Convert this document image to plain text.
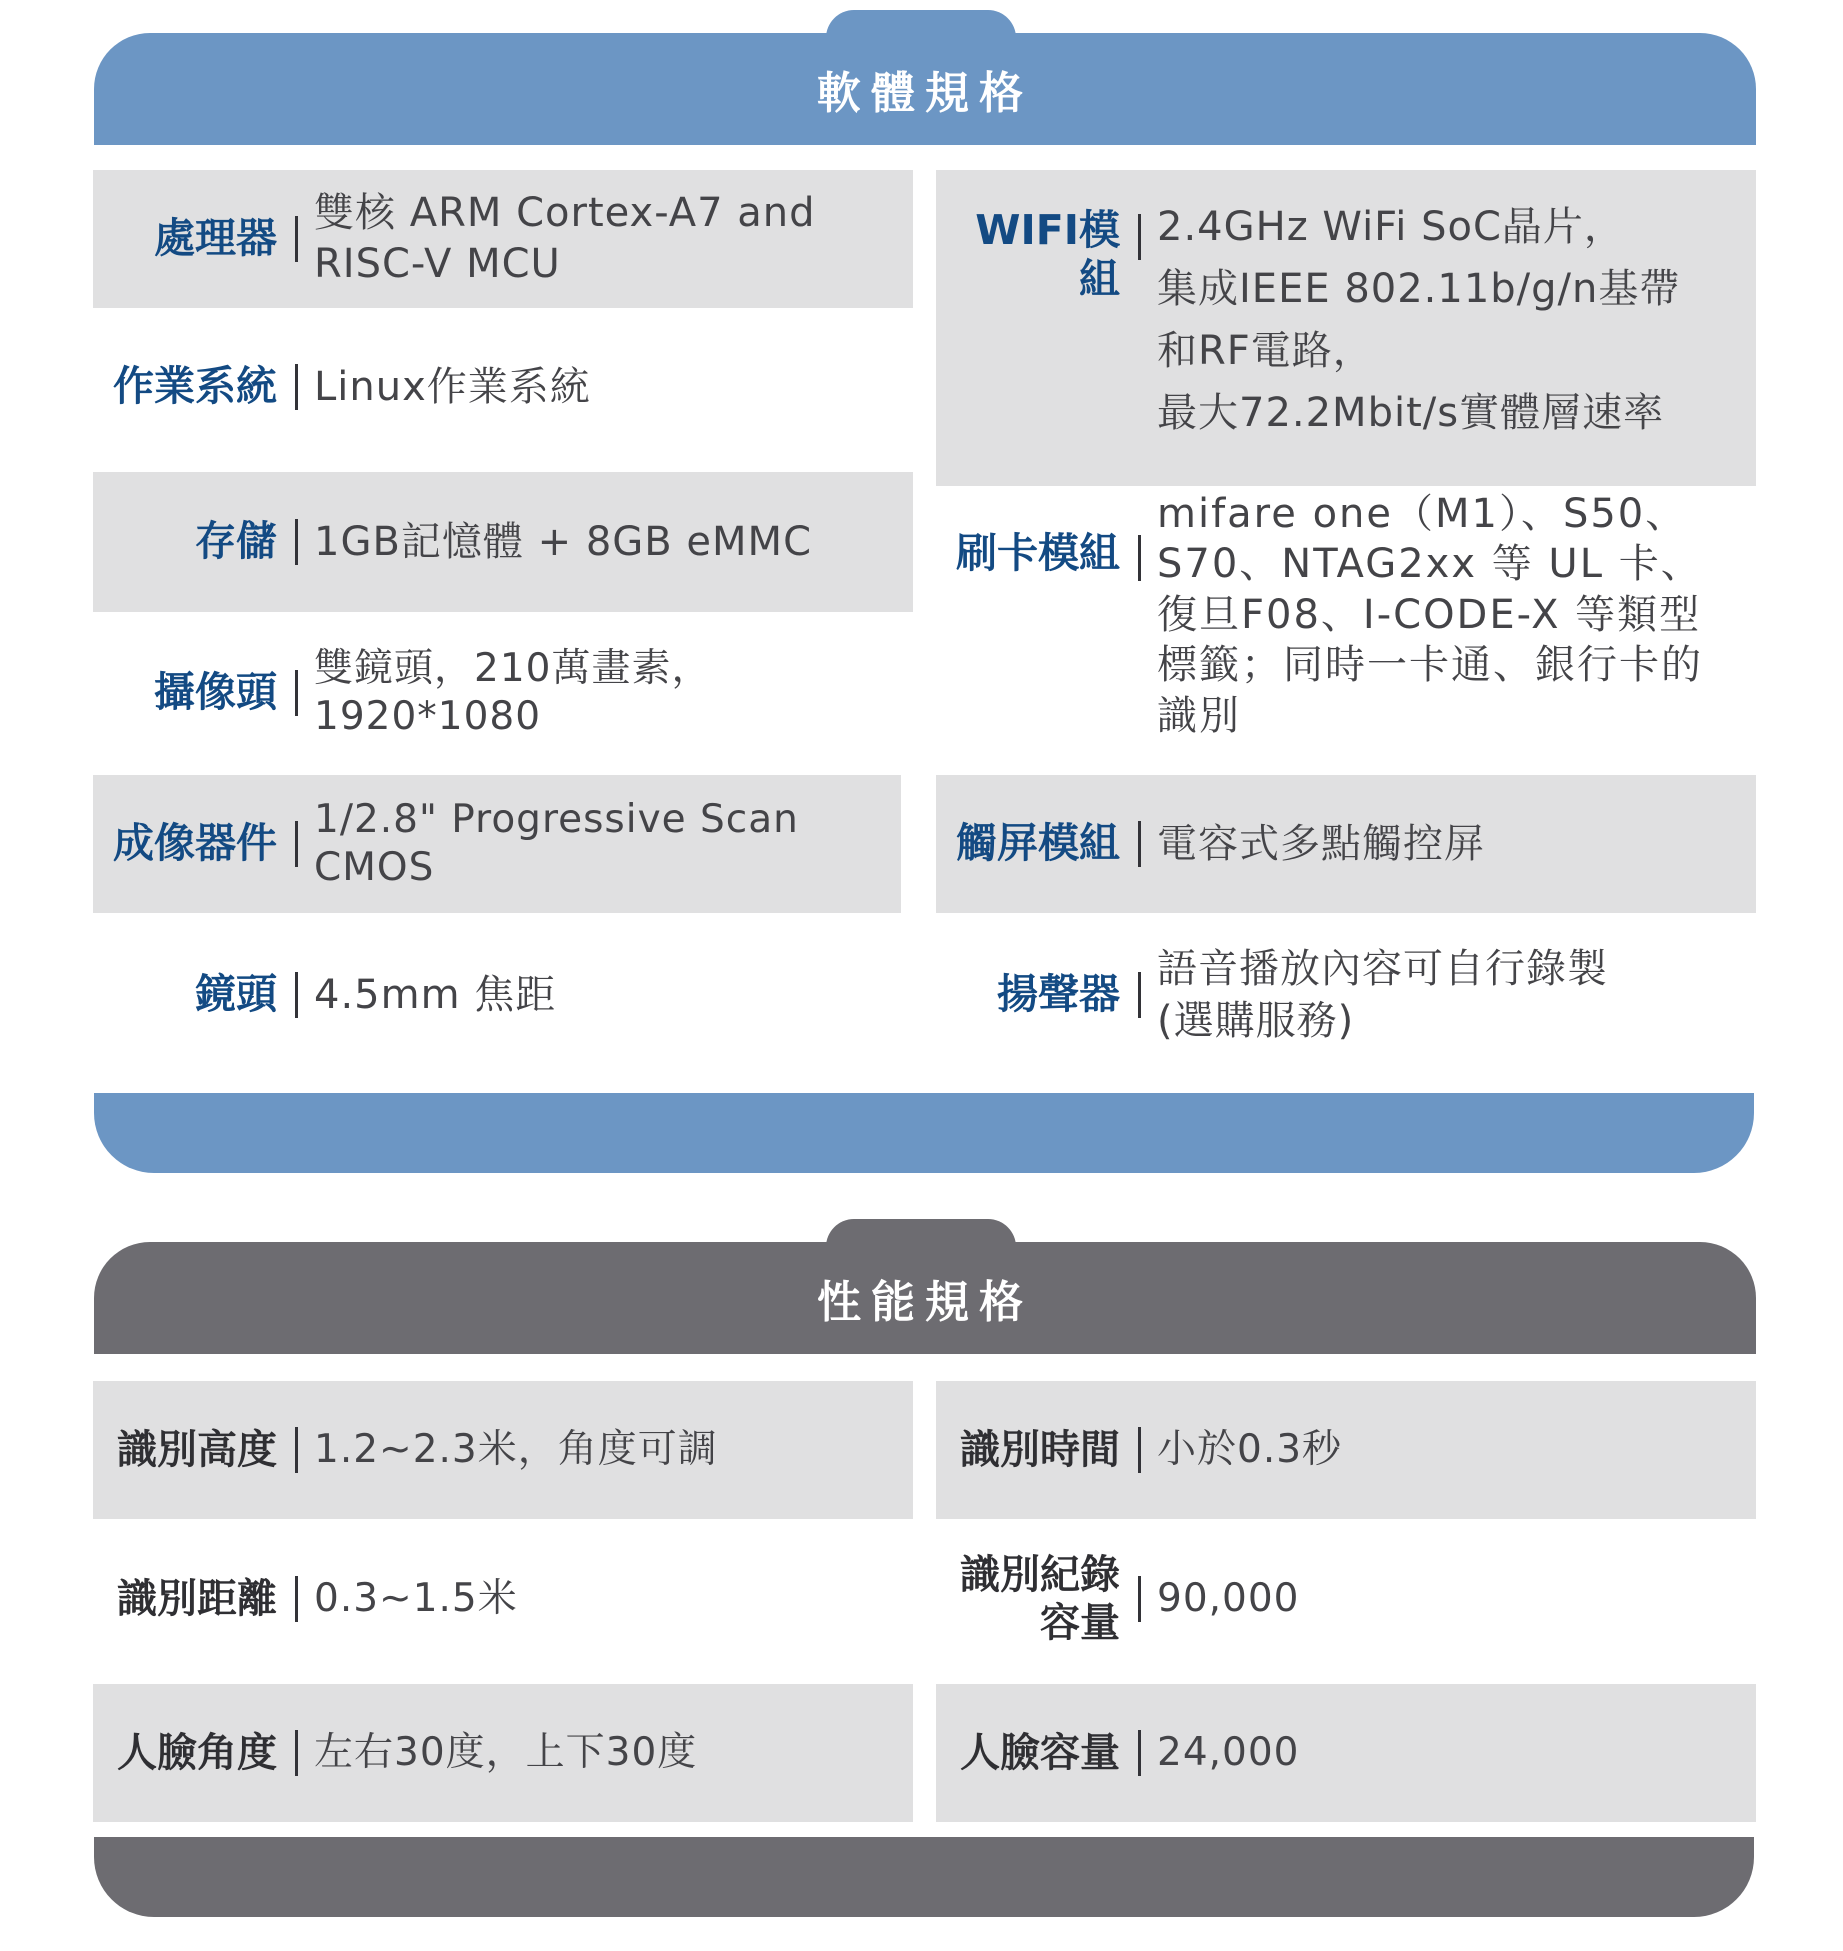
軟體規格
處理器
雙核 ARM Cortex-A7 and
RISC-V MCU
作業系統 Linux作業系統
存儲 1GB記憶體 + 8GB eMMC
攝像頭 雙鏡頭，210萬畫素，1920*1080
成像器件 1/2.8" Progressive Scan CMOS
鏡頭 4.5mm 焦距
WIFI模組
2.4GHz WiFi SoC晶片，
集成IEEE 802.11b/g/n基帶
和RF電路，
最大72.2Mbit/s實體層速率
刷卡模組
mifare one（M1）、S50、
S70、NTAG2xx 等 UL 卡、
復旦F08、I-CODE-X 等類型
標籤；同時一卡通、銀行卡的
識別
觸屏模組 電容式多點觸控屏
揚聲器
語音播放內容可自行錄製
(選購服務)
性能規格
識別高度 1.2~2.3米，角度可調
識別距離 0.3~1.5米
人臉角度 左右30度，上下30度
識別時間 小於0.3秒
識別紀錄
容量
90,000
人臉容量 24,000
